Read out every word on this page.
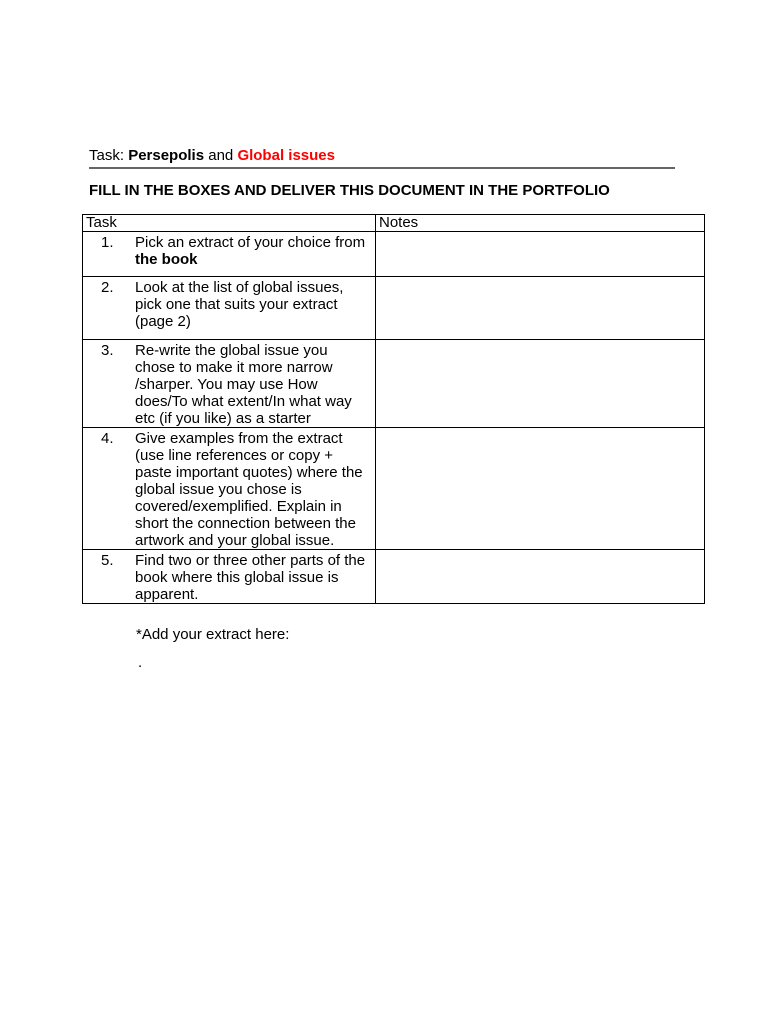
Task: Persepolis and Global issues
FILL IN THE BOXES AND DELIVER THIS DOCUMENT IN THE PORTFOLIO
Task	Notes

1. Pick an extract of your choice from the book	

2. Look at the list of global issues, pick one that suits your extract (page 2)	

3. Re-write the global issue you chose to make it more narrow /sharper. You may use How does/To what extent/In what way etc (if you like) as a starter	

4. Give examples from the extract (use line references or copy + paste important quotes) where the global issue you chose is covered/exemplified. Explain in short the connection between the artwork and your global issue.	

5. Find two or three other parts of the book where this global issue is apparent.	

*Add your extract here:
.
